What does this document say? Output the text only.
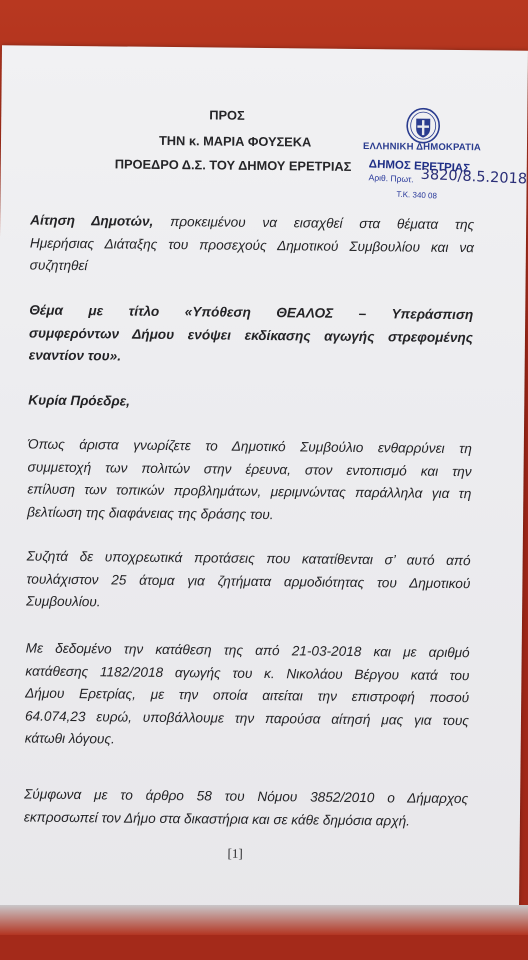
ΠΡΟΣ
ΤΗΝ κ. ΜΑΡΙΑ ΦΟΥΣΕΚΑ
ΠΡΟΕΔΡΟ Δ.Σ. ΤΟΥ ΔΗΜΟΥ ΕΡΕΤΡΙΑΣ
ΕΛΛΗΝΙΚΗ ΔΗΜΟΚΡΑΤΙΑ
ΔΗΜΟΣ ΕΡΕΤΡΙΑΣ
Αριθ. Πρωτ. 3820/8.5.2018
Τ.Κ. 340 08
Αίτηση Δημοτών, προκειμένου να εισαχθεί στα θέματα της
Ημερήσιας Διάταξης του προσεχούς Δημοτικού Συμβουλίου και να
συζητηθεί
Θέμα με τίτλο «Υπόθεση ΘΕΑΛΟΣ – Υπεράσπιση
συμφερόντων Δήμου ενόψει εκδίκασης αγωγής στρεφομένης
εναντίον του».
Κυρία Πρόεδρε,
Όπως άριστα γνωρίζετε το Δημοτικό Συμβούλιο ενθαρρύνει τη
συμμετοχή των πολιτών στην έρευνα, στον εντοπισμό και την
επίλυση των τοπικών προβλημάτων, μεριμνώντας παράλληλα για τη
βελτίωση της διαφάνειας της δράσης του.
Συζητά δε υποχρεωτικά προτάσεις που κατατίθενται σ’ αυτό από
τουλάχιστον 25 άτομα για ζητήματα αρμοδιότητας του Δημοτικού
Συμβουλίου.
Με δεδομένο την κατάθεση της από 21-03-2018 και με αριθμό
κατάθεσης 1182/2018 αγωγής του κ. Νικολάου Βέργου κατά του
Δήμου Ερετρίας, με την οποία αιτείται την επιστροφή ποσού
64.074,23 ευρώ, υποβάλλουμε την παρούσα αίτησή μας για τους
κάτωθι λόγους.
Σύμφωνα με το άρθρο 58 του Νόμου 3852/2010 ο Δήμαρχος
εκπροσωπεί τον Δήμο στα δικαστήρια και σε κάθε δημόσια αρχή.
[1]
